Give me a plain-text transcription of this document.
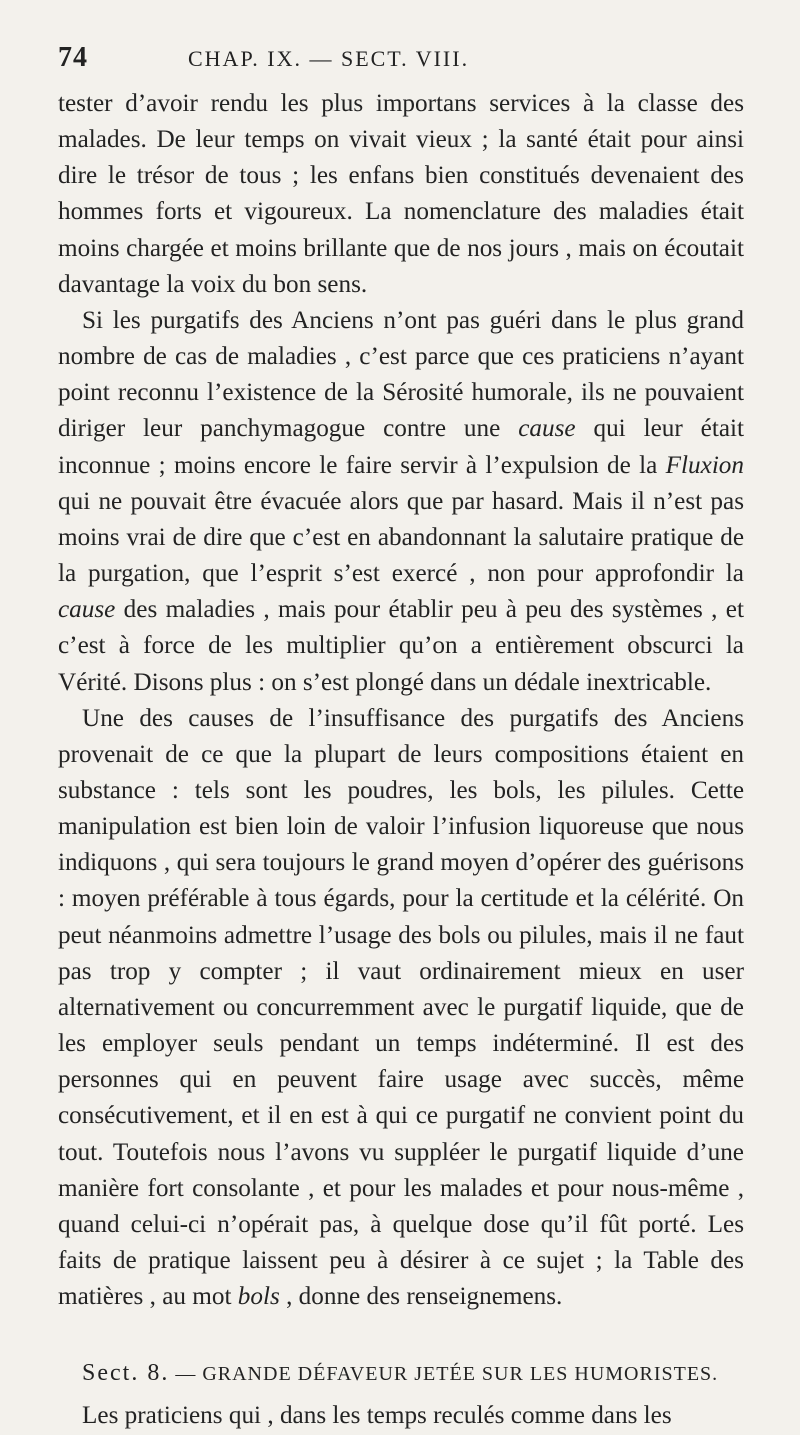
74	CHAP. IX. — SECT. VIII.

tester d’avoir rendu les plus importans services à la classe des malades. De leur temps on vivait vieux ; la santé était pour ainsi dire le trésor de tous ; les enfans bien constitués devenaient des hommes forts et vigoureux. La nomenclature des maladies était moins chargée et moins brillante que de nos jours , mais on écoutait davantage la voix du bon sens.

Si les purgatifs des Anciens n’ont pas guéri dans le plus grand nombre de cas de maladies , c’est parce que ces praticiens n’ayant point reconnu l’existence de la Sérosité humorale, ils ne pouvaient diriger leur panchymagogue contre une cause qui leur était inconnue ; moins encore le faire servir à l’expulsion de la Fluxion qui ne pouvait être évacuée alors que par hasard. Mais il n’est pas moins vrai de dire que c’est en abandonnant la salutaire pratique de la purgation, que l’esprit s’est exercé , non pour approfondir la cause des maladies , mais pour établir peu à peu des systèmes , et c’est à force de les multiplier qu’on a entièrement obscurci la Vérité. Disons plus : on s’est plongé dans un dédale inextricable.

Une des causes de l’insuffisance des purgatifs des Anciens provenait de ce que la plupart de leurs compositions étaient en substance : tels sont les poudres, les bols, les pilules. Cette manipulation est bien loin de valoir l’infusion liquoreuse que nous indiquons , qui sera toujours le grand moyen d’opérer des guérisons : moyen préférable à tous égards, pour la certitude et la célérité. On peut néanmoins admettre l’usage des bols ou pilules, mais il ne faut pas trop y compter ; il vaut ordinairement mieux en user alternativement ou concurremment avec le purgatif liquide, que de les employer seuls pendant un temps indéterminé. Il est des personnes qui en peuvent faire usage avec succès, même consécutivement, et il en est à qui ce purgatif ne convient point du tout. Toutefois nous l’avons vu suppléer le purgatif liquide d’une manière fort consolante , et pour les malades et pour nous-même , quand celui-ci n’opérait pas, à quelque dose qu’il fût porté. Les faits de pratique laissent peu à désirer à ce sujet ; la Table des matières , au mot bols , donne des renseignemens.

Sect. 8. — GRANDE DÉFAVEUR JETÉE SUR LES HUMORISTES.

Les praticiens qui , dans les temps reculés comme dans les
